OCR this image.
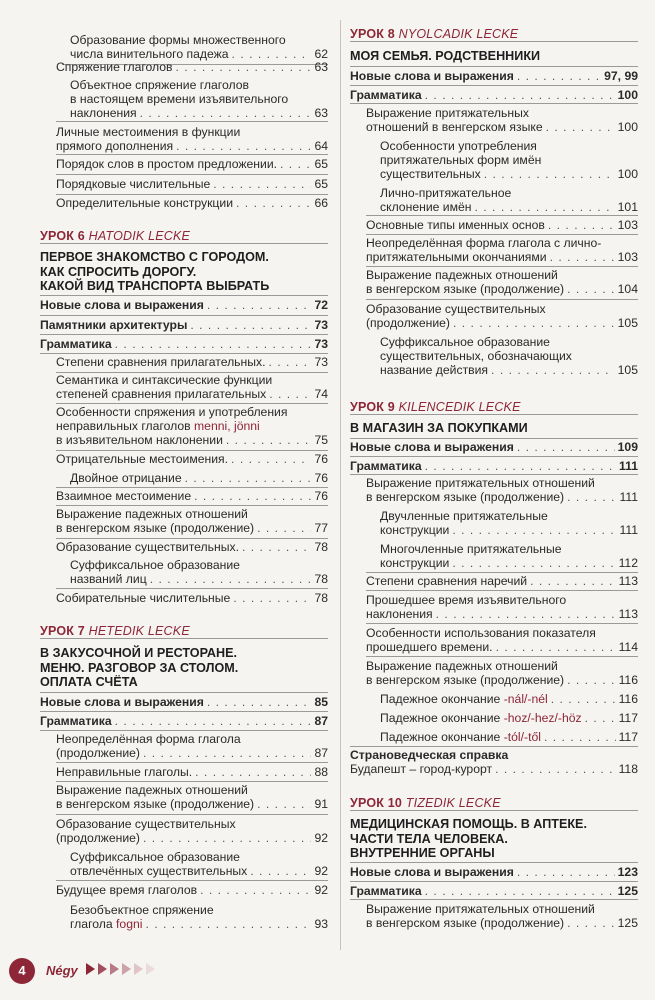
Образование формы множественного
числа винительного падежа . . .	62
Спряжение глаголов . . .	63
Объектное спряжение глаголов
в настоящем времени изъявительного
наклонения . . .	63
Личные местоимения в функции
прямого дополнения . . .	64
Порядок слов в простом предложении. . . .	65
Порядковые числительные . . .	65
Определительные конструкции . . .	66
УРОК 6 HATODIK LECKE
ПЕРВОЕ ЗНАКОМСТВО С ГОРОДОМ.
КАК СПРОСИТЬ ДОРОГУ.
КАКОЙ ВИД ТРАНСПОРТА ВЫБРАТЬ
Новые слова и выражения . . .	72
Памятники архитектуры . . .	73
Грамматика . . .	73
Степени сравнения прилагательных. . . .	73
Семантика и синтаксические функции
степеней сравнения прилагательных . . .	74
Особенности спряжения и употребления
неправильных глаголов menni, jönni
в изъявительном наклонении . . .	75
Отрицательные местоимения. . . .	76
Двойное отрицание . . .	76
Взаимное местоимение . . .	76
Выражение падежных отношений
в венгерском языке (продолжение) . . .	77
Образование существительных. . . .	78
Суффиксальное образование
названий лиц . . .	78
Собирательные числительные . . .	78
УРОК 7 HETEDIK LECKE
В ЗАКУСОЧНОЙ И РЕСТОРАНЕ.
МЕНЮ. РАЗГОВОР ЗА СТОЛОМ.
ОПЛАТА СЧЁТА
Новые слова и выражения . . .	85
Грамматика . . .	87
Неопределённая форма глагола
(продолжение) . . .	87
Неправильные глаголы. . . .	88
Выражение падежных отношений
в венгерском языке (продолжение) . . .	91
Образование существительных
(продолжение) . . .	92
Суффиксальное образование
отвлечённых существительных . . .	92
Будущее время глаголов . . .	92
Безобъектное спряжение
глагола fogni . . .	93
УРОК 8 NYOLCADIK LECKE
МОЯ СЕМЬЯ. РОДСТВЕННИКИ
Новые слова и выражения . . .	97, 99
Грамматика . . .	100
Выражение притяжательных
отношений в венгерском языке . . .	100
Особенности употребления
притяжательных форм имён
существительных . . .	100
Лично-притяжательное
склонение имён . . .	101
Основные типы именных основ . . .	103
Неопределённая форма глагола с лично-
притяжательными окончаниями . . .	103
Выражение падежных отношений
в венгерском языке (продолжение) . . .	104
Образование существительных
(продолжение) . . .	105
Суффиксальное образование
существительных, обозначающих
название действия . . .	105
УРОК 9 KILENCEDIK LECKE
В МАГАЗИН ЗА ПОКУПКАМИ
Новые слова и выражения . . .	109
Грамматика . . .	111
Выражение притяжательных отношений
в венгерском языке (продолжение) . . .	111
Двучленные притяжательные
конструкции . . .	111
Многочленные притяжательные
конструкции . . .	112
Степени сравнения наречий . . .	113
Прошедшее время изъявительного
наклонения . . .	113
Особенности использования показателя
прошедшего времени. . . .	114
Выражение падежных отношений
в венгерском языке (продолжение) . . .	116
Падежное окончание -nál/-nél . . .	116
Падежное окончание -hoz/-hez/-höz . . .	117
Падежное окончание -tól/-től . . .	117
Страноведческая справка
Будапешт – город-курорт . . .	118
УРОК 10 TIZEDIK LECKE
МЕДИЦИНСКАЯ ПОМОЩЬ. В АПТЕКЕ.
ЧАСТИ ТЕЛА ЧЕЛОВЕКА.
ВНУТРЕННИЕ ОРГАНЫ
Новые слова и выражения . . .	123
Грамматика . . .	125
Выражение притяжательных отношений
в венгерском языке (продолжение) . . .	125
4	Négy
